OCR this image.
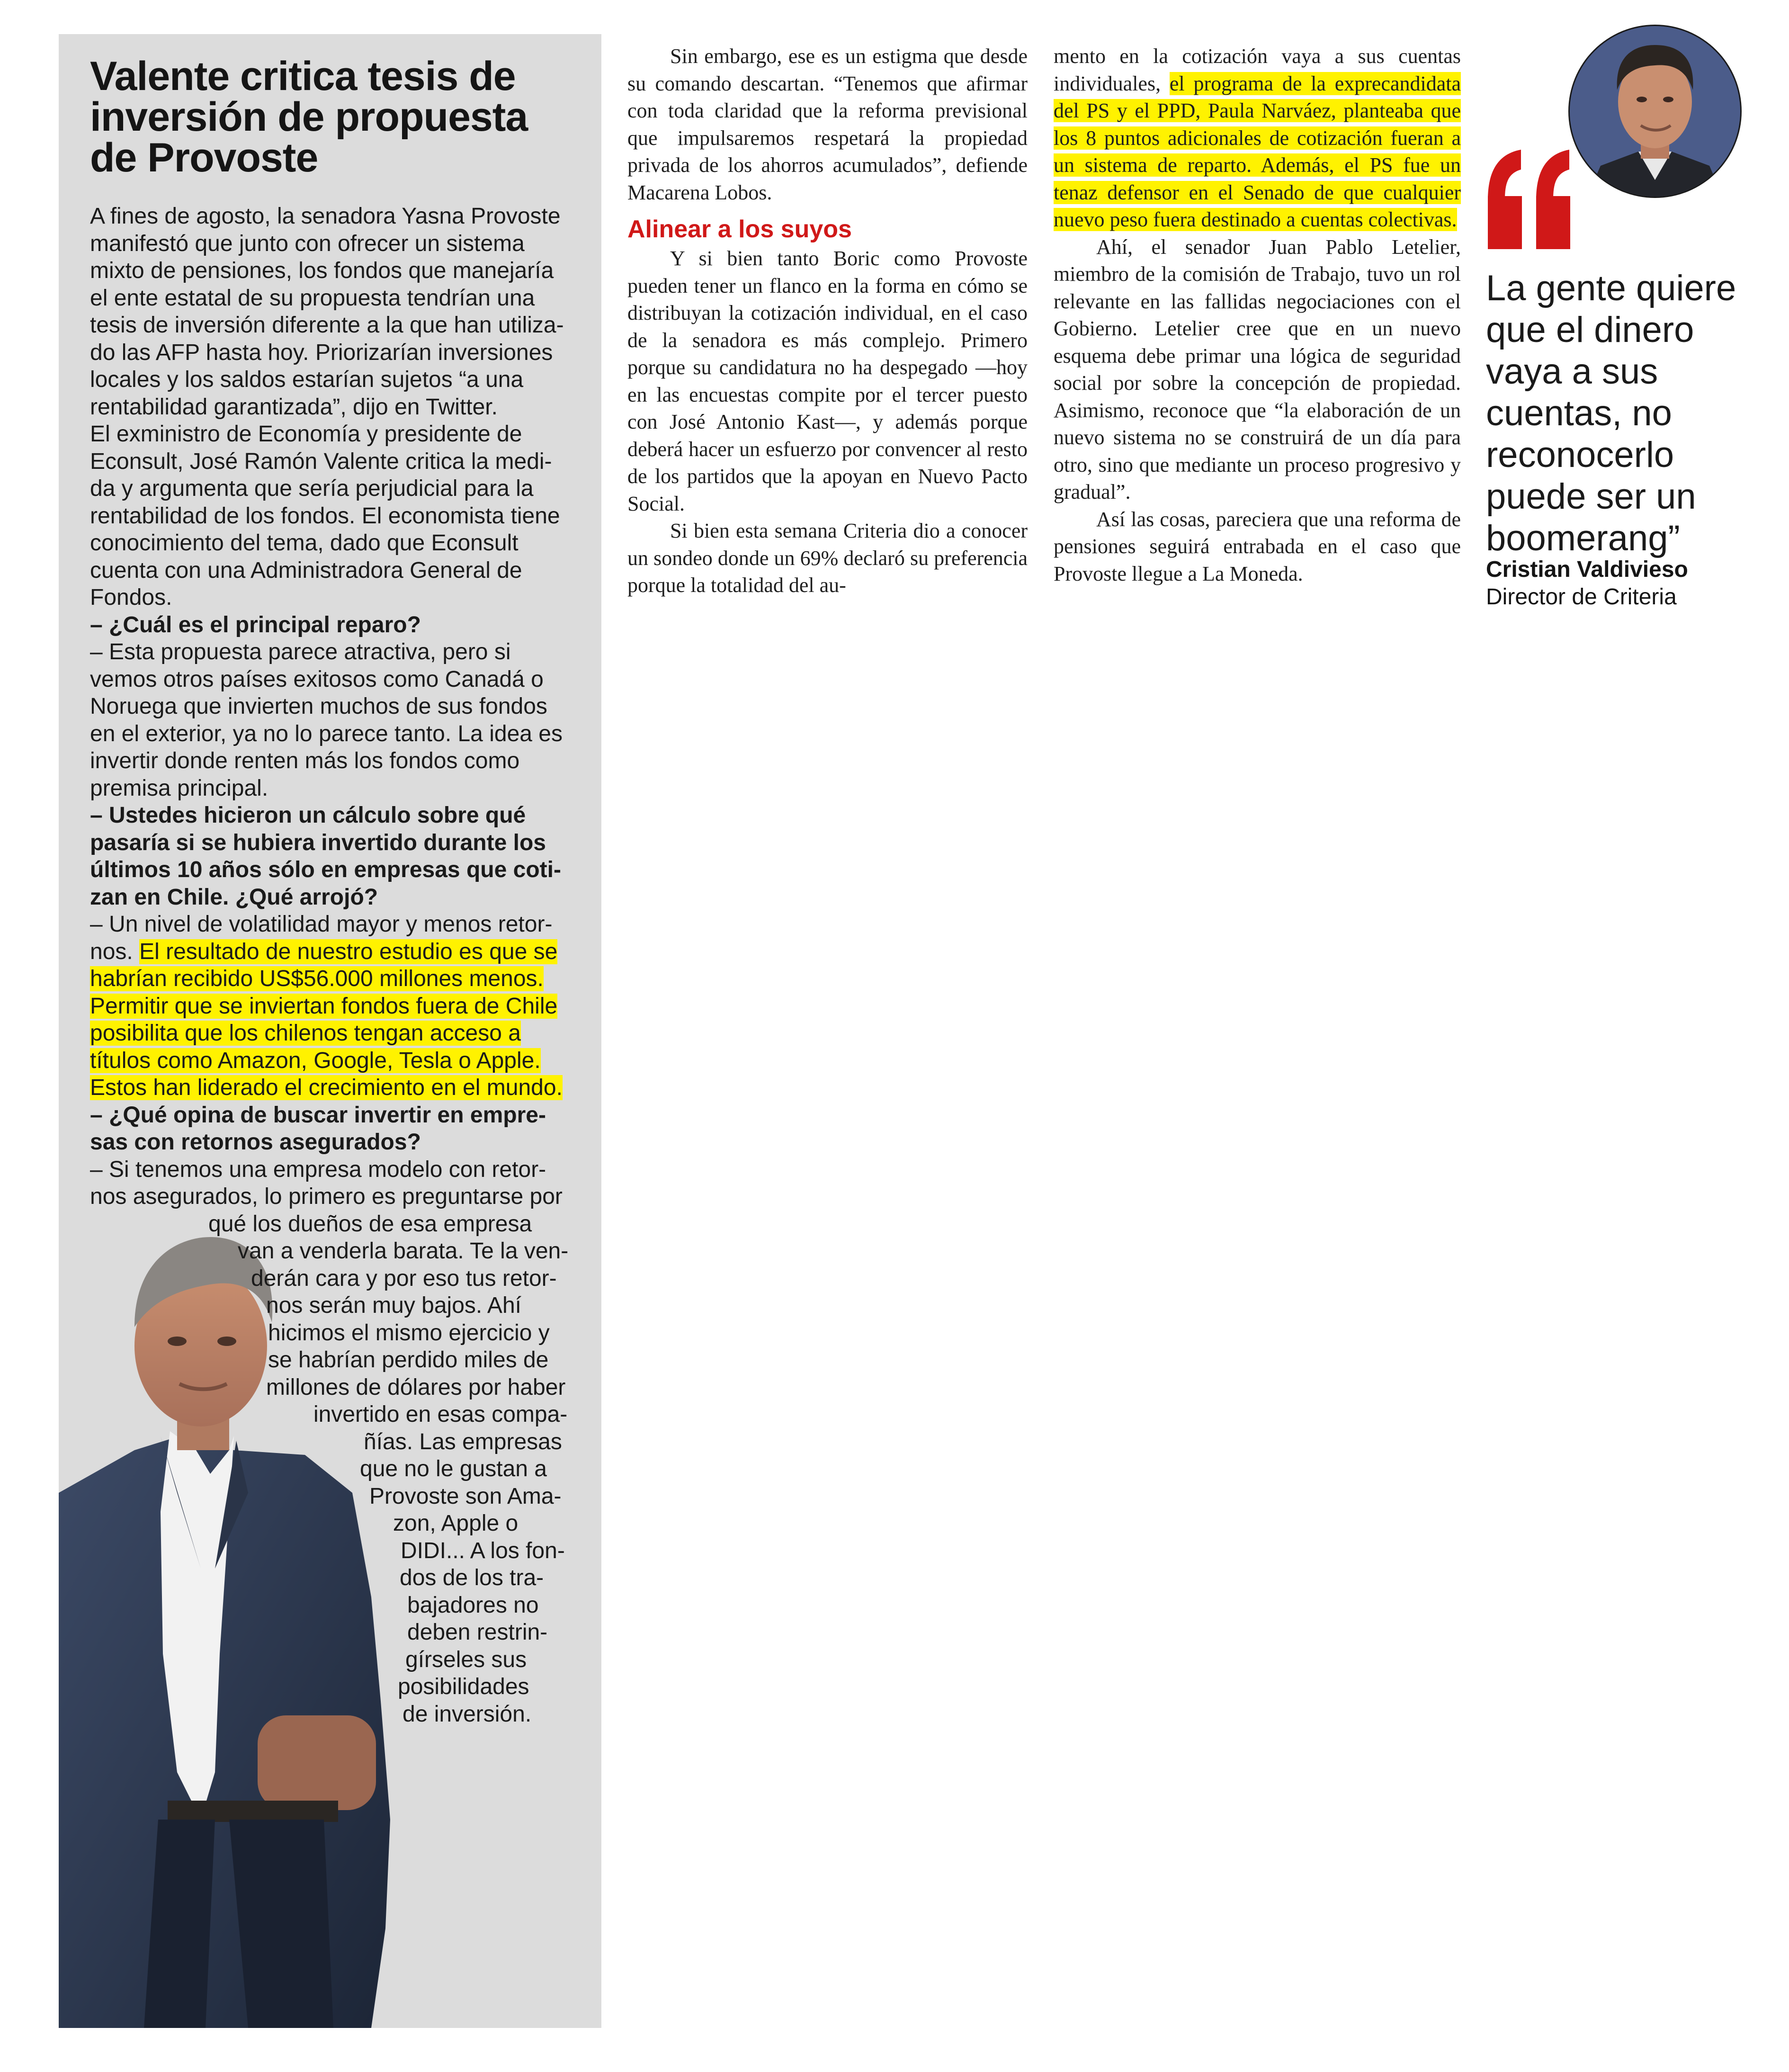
Valente critica tesis de inversión de propuesta de Provoste
A fines de agosto, la senadora Yasna Provoste
manifestó que junto con ofrecer un sistema
mixto de pensiones, los fondos que manejaría
el ente estatal de su propuesta tendrían una
tesis de inversión diferente a la que han utiliza-
do las AFP hasta hoy. Priorizarían inversiones
locales y los saldos estarían sujetos “a una
rentabilidad garantizada”, dijo en Twitter.
El exministro de Economía y presidente de
Econsult, José Ramón Valente critica la medi-
da y argumenta que sería perjudicial para la
rentabilidad de los fondos. El economista tiene
conocimiento del tema, dado que Econsult
cuenta con una Administradora General de
Fondos.
– ¿Cuál es el principal reparo?
– Esta propuesta parece atractiva, pero si
vemos otros países exitosos como Canadá o
Noruega que invierten muchos de sus fondos
en el exterior, ya no lo parece tanto. La idea es
invertir donde renten más los fondos como
premisa principal.
– Ustedes hicieron un cálculo sobre qué
pasaría si se hubiera invertido durante los
últimos 10 años sólo en empresas que coti-
zan en Chile. ¿Qué arrojó?
– Un nivel de volatilidad mayor y menos retor-
nos. El resultado de nuestro estudio es que se
habrían recibido US$56.000 millones menos.
Permitir que se inviertan fondos fuera de Chile
posibilita que los chilenos tengan acceso a
títulos como Amazon, Google, Tesla o Apple.
Estos han liderado el crecimiento en el mundo.
– ¿Qué opina de buscar invertir en empre-
sas con retornos asegurados?
– Si tenemos una empresa modelo con retor-
nos asegurados, lo primero es preguntarse por
qué los dueños de esa empresa
van a venderla barata. Te la ven-
derán cara y por eso tus retor-
nos serán muy bajos. Ahí
hicimos el mismo ejercicio y
se habrían perdido miles de
millones de dólares por haber
invertido en esas compa-
ñías. Las empresas
que no le gustan a
Provoste son Ama-
zon, Apple o
DIDI... A los fon-
dos de los tra-
bajadores no
deben restrin-
gírseles sus
posibilidades
de inversión.

Sin embargo, ese es un estigma que desde su comando descartan. “Tenemos que afirmar con toda claridad que la reforma previsional que impulsaremos respetará la propiedad privada de los ahorros acumulados”, defiende Macarena Lobos.

Alinear a los suyos

Y si bien tanto Boric como Provoste pueden tener un flanco en la forma en cómo se distribuyan la cotización individual, en el caso de la senadora es más complejo. Primero porque su candidatura no ha despegado —hoy en las encuestas compite por el tercer puesto con José Antonio Kast—, y además porque deberá hacer un esfuerzo por convencer al resto de los partidos que la apoyan en Nuevo Pacto Social.

Si bien esta semana Criteria dio a conocer un sondeo donde un 69% declaró su preferencia porque la totalidad del au-

mento en la cotización vaya a sus cuentas individuales, el programa de la exprecandidata del PS y el PPD, Paula Narváez, planteaba que los 8 puntos adicionales de cotización fueran a un sistema de reparto. Además, el PS fue un tenaz defensor en el Senado de que cualquier nuevo peso fuera destinado a cuentas colectivas.

Ahí, el senador Juan Pablo Letelier, miembro de la comisión de Trabajo, tuvo un rol relevante en las fallidas negociaciones con el Gobierno. Letelier cree que en un nuevo esquema debe primar una lógica de seguridad social por sobre la concepción de propiedad. Asimismo, reconoce que “la elaboración de un nuevo sistema no se construirá de un día para otro, sino que mediante un proceso progresivo y gradual”.

Así las cosas, pareciera que una reforma de pensiones seguirá entrabada en el caso que Provoste llegue a La Moneda.

La gente quiere que el dinero vaya a sus cuentas, no reconocerlo puede ser un boomerang”

Cristian Valdivieso

Director de Criteria
